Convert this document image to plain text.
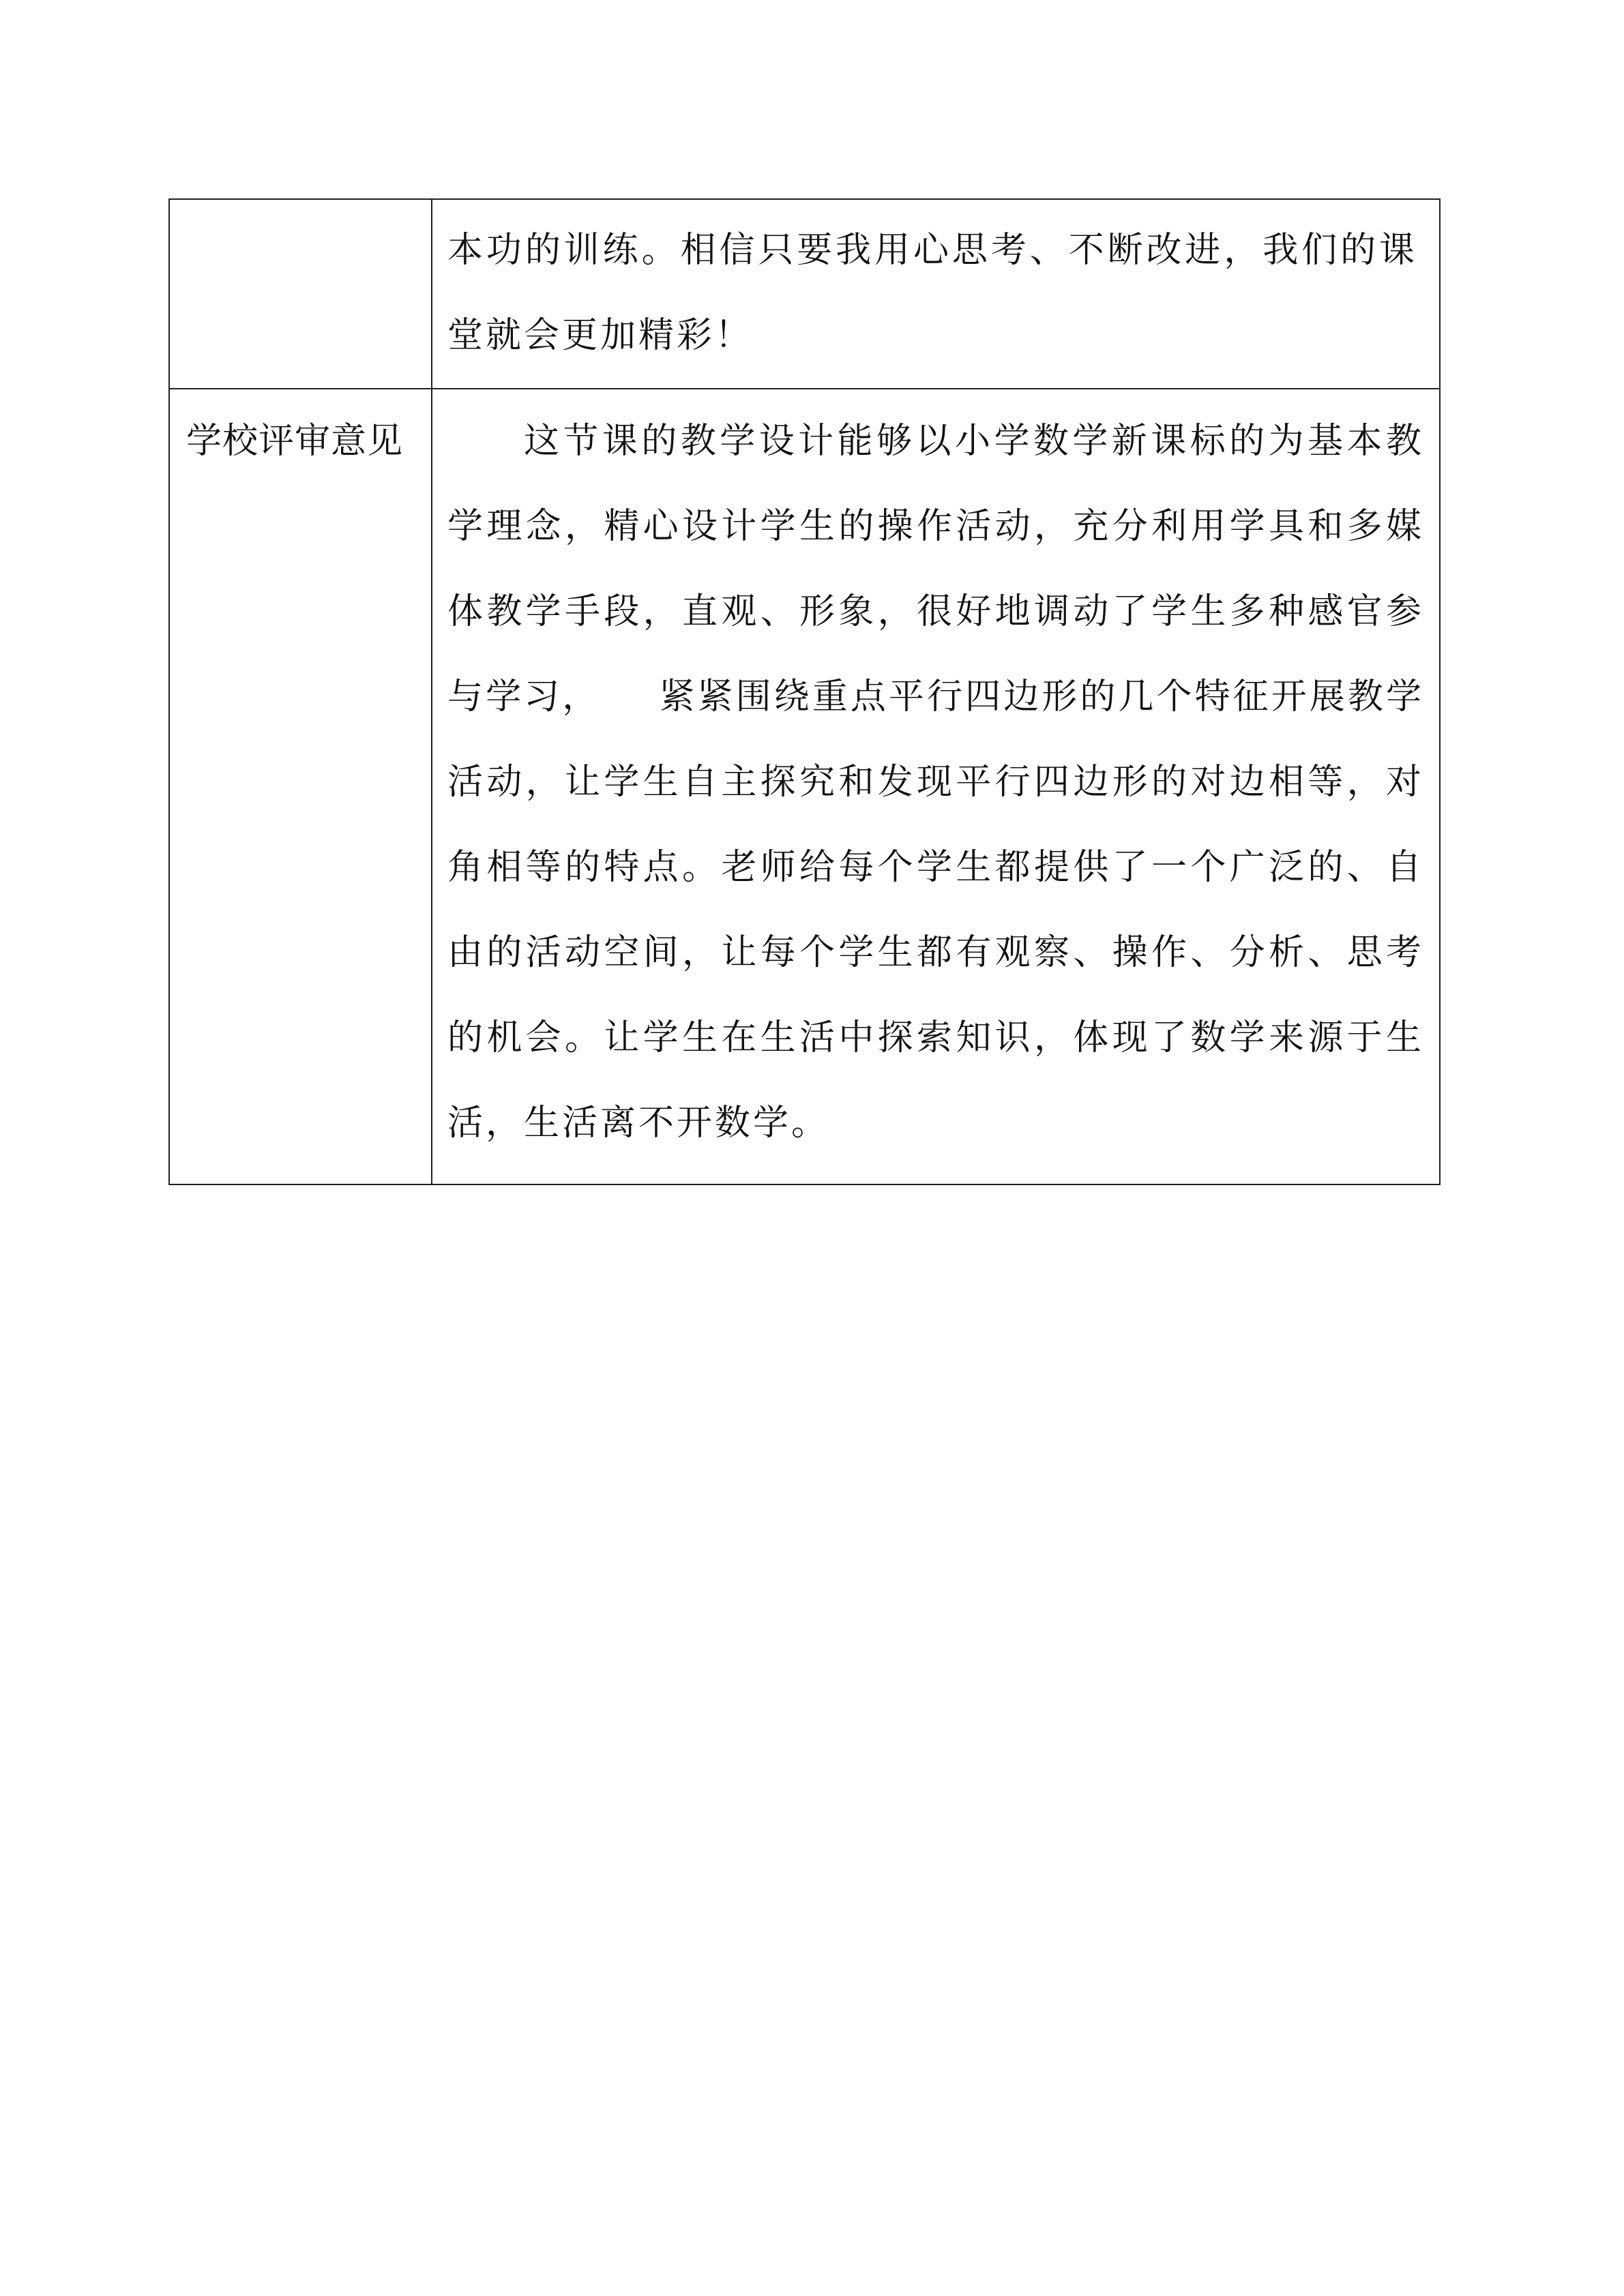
	本功的训练。相信只要我用心思考、不断改进，我们的课堂就会更加精彩！

学校评审意见	这节课的教学设计能够以小学数学新课标的为基本教学理念，精心设计学生的操作活动，充分利用学具和多媒体教学手段，直观、形象，很好地调动了学生多种感官参与学习，　　紧紧围绕重点平行四边形的几个特征开展教学活动，让学生自主探究和发现平行四边形的对边相等，对角相等的特点。老师给每个学生都提供了一个广泛的、自由的活动空间，让每个学生都有观察、操作、分析、思考的机会。让学生在生活中探索知识，体现了数学来源于生活，生活离不开数学。
